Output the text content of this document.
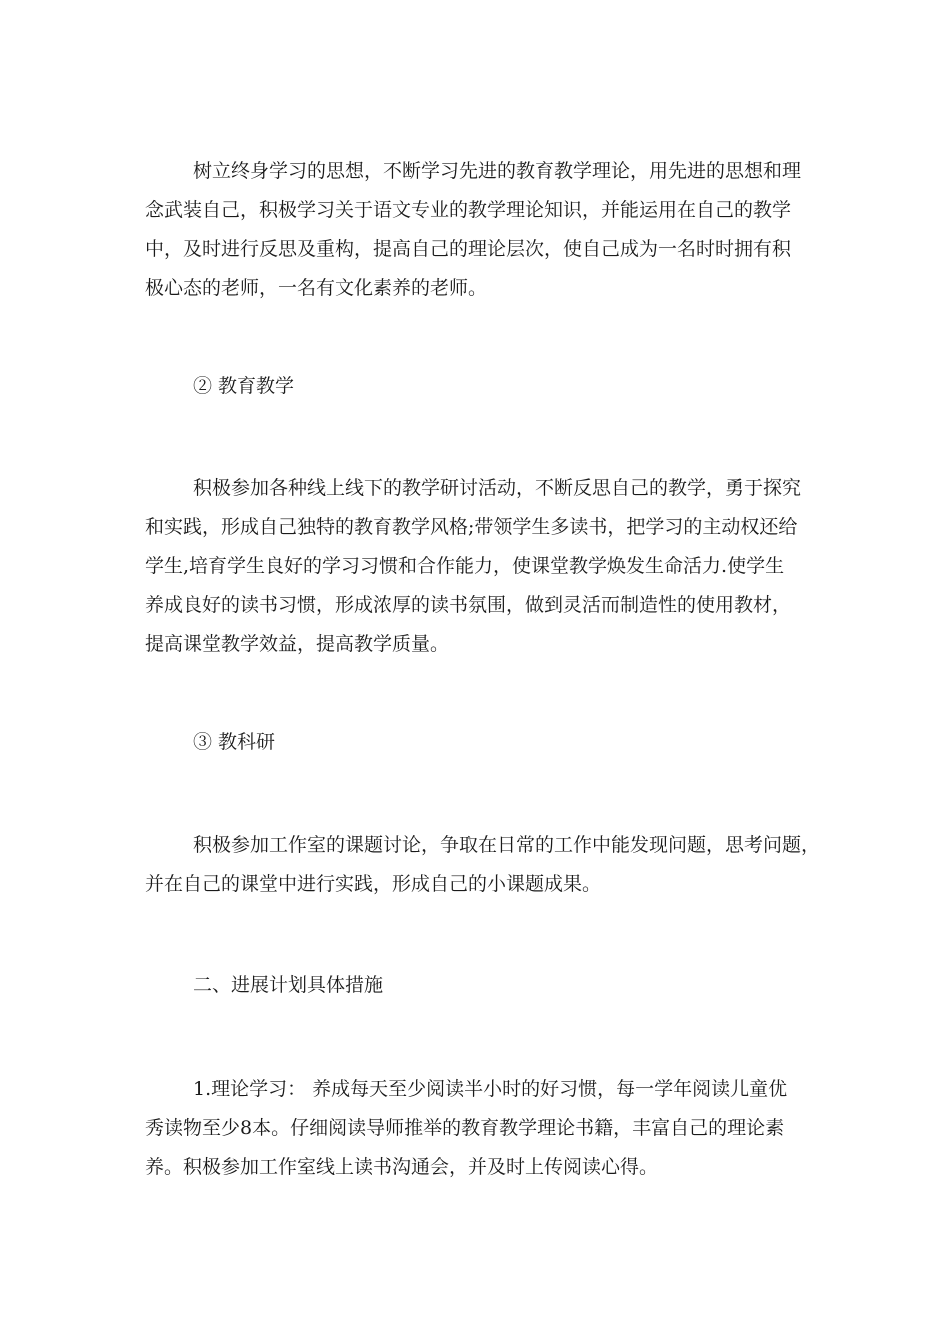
树立终身学习的思想，不断学习先进的教育教学理论，用先进的思想和理
念武装自己，积极学习关于语文专业的教学理论知识，并能运用在自己的教学
中，及时进行反思及重构，提高自己的理论层次，使自己成为一名时时拥有积
极心态的老师，一名有文化素养的老师。

② 教育教学

积极参加各种线上线下的教学研讨活动，不断反思自己的教学，勇于探究
和实践，形成自己独特的教育教学风格;带领学生多读书，把学习的主动权还给
学生,培育学生良好的学习习惯和合作能力，使课堂教学焕发生命活力.使学生
养成良好的读书习惯，形成浓厚的读书氛围，做到灵活而制造性的使用教材，
提高课堂教学效益，提高教学质量。

③ 教科研

积极参加工作室的课题讨论，争取在日常的工作中能发现问题，思考问题，
并在自己的课堂中进行实践，形成自己的小课题成果。

二、进展计划具体措施

1.理论学习： 养成每天至少阅读半小时的好习惯，每一学年阅读儿童优
秀读物至少8本。仔细阅读导师推举的教育教学理论书籍，丰富自己的理论素
养。积极参加工作室线上读书沟通会，并及时上传阅读心得。
